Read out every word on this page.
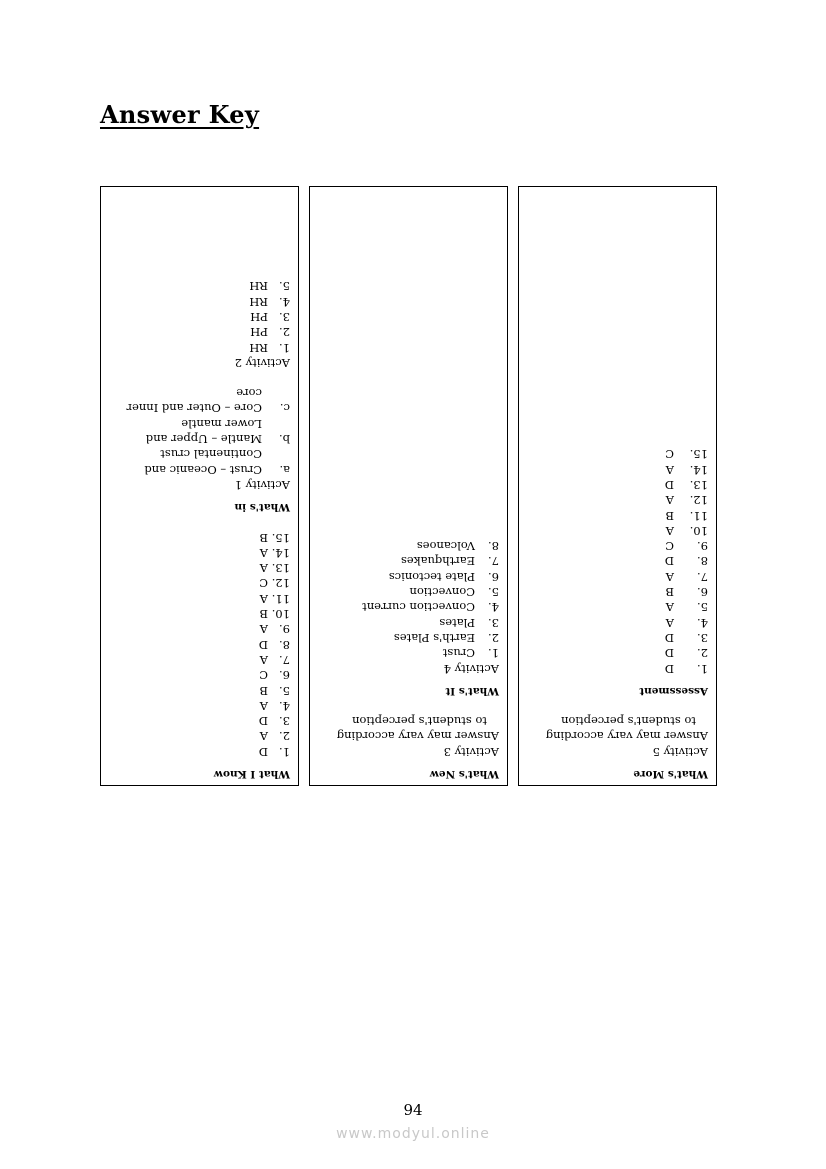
Answer Key
What I Know
1.D
2.A
3.D
4.A
5.B
6.C
7.A
8.D
9.A
10.B
11.A
12.C
13.A
14.A
15.B
What's in
Activity 1
a.
Crust – Oceanic and
Continental crust
b.
Mantle – Upper and
Lower mantle
c.
Core – Outer and Inner
core
Activity 2
1.RH
2.PH
3.PH
4.RH
5.RH
What's New
Activity 3
Answer may vary according
to student's perception
What's It
Activity 4
1.Crust
2.Earth's Plates
3.Plates
4.Convection current
5.Convection
6.Plate tectonics
7.Earthquakes
8.Volcanoes
What's More
Activity 5
Answer may vary according
to student's perception
Assessment
1.D
2.D
3.D
4.A
5.A
6.B
7.A
8.D
9.C
10.A
11.B
12.A
13.D
14.A
15.C
94
www.modyul.online
